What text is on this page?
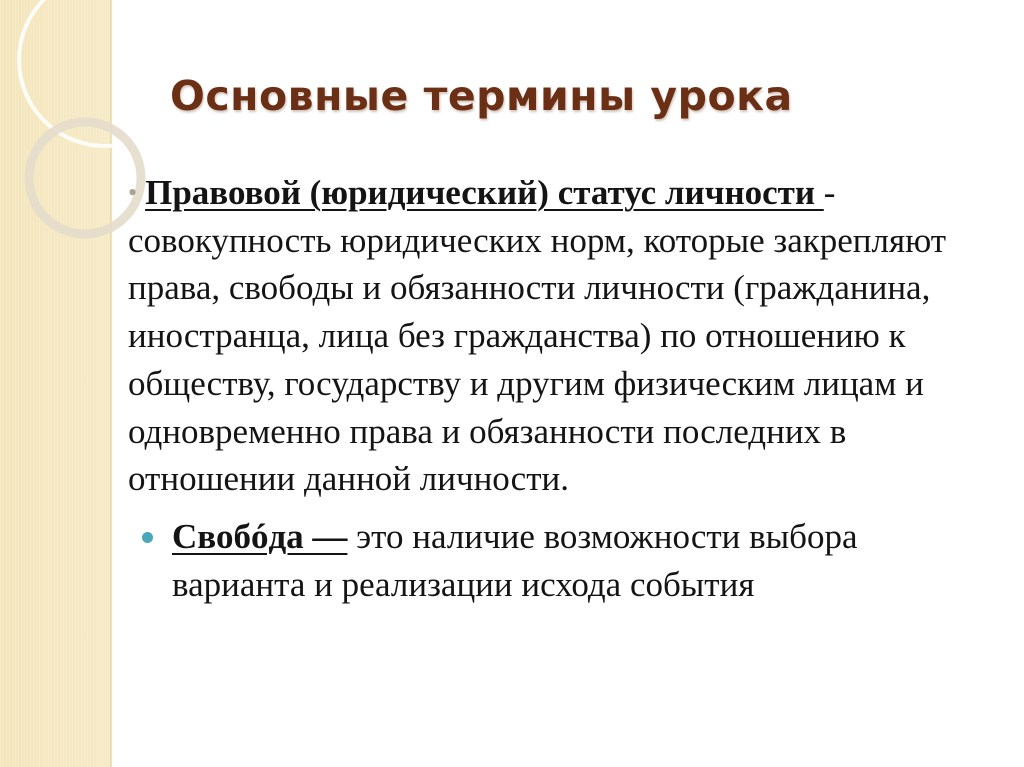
Основные термины урока

• Правовой (юридический) статус личности - совокупность юридических норм, которые закрепляют права, свободы и обязанности личности (гражданина, иностранца, лица без гражданства) по отношению к обществу, государству и другим физическим лицам и одновременно права и обязанности последних в отношении данной личности.

Свобóда — это наличие возможности выбора варианта и реализации исхода события
